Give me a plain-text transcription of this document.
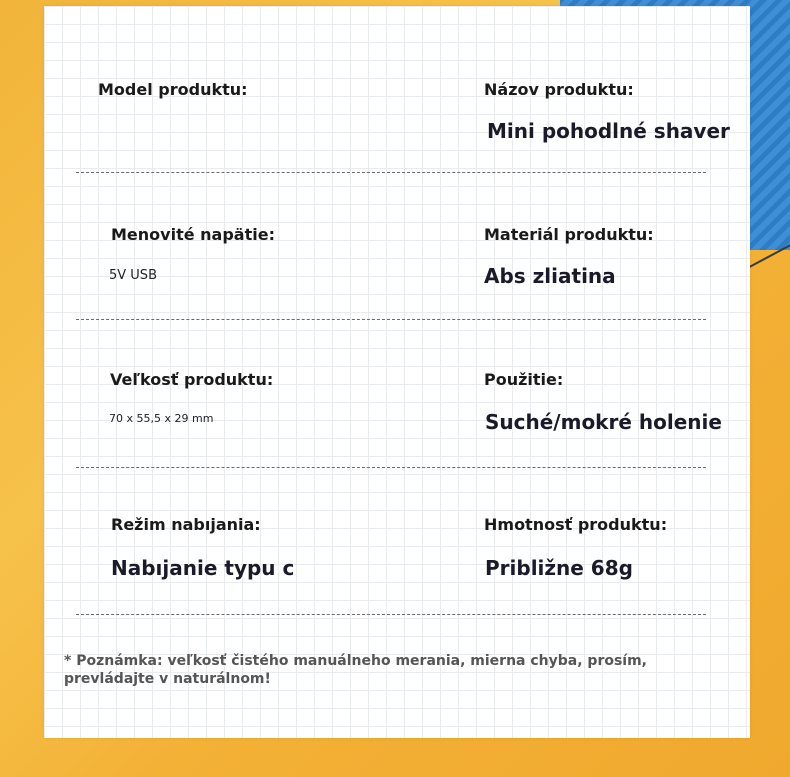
Model produktu:	Názov produktu:
Mini pohodlné shaver
Menovité napätie:
5V USB
Materiál produktu:
Abs zliatina
Veľkosť produktu:
70 x 55,5 x 29 mm
Použitie:
Suché/mokré holenie
Režim nabıjania:
Nabıjanie typu c
Hmotnosť produktu:
Približne 68g
* Poznámka: veľkosť čistého manuálneho merania, mierna chyba, prosím, prevládajte v naturálnom!
